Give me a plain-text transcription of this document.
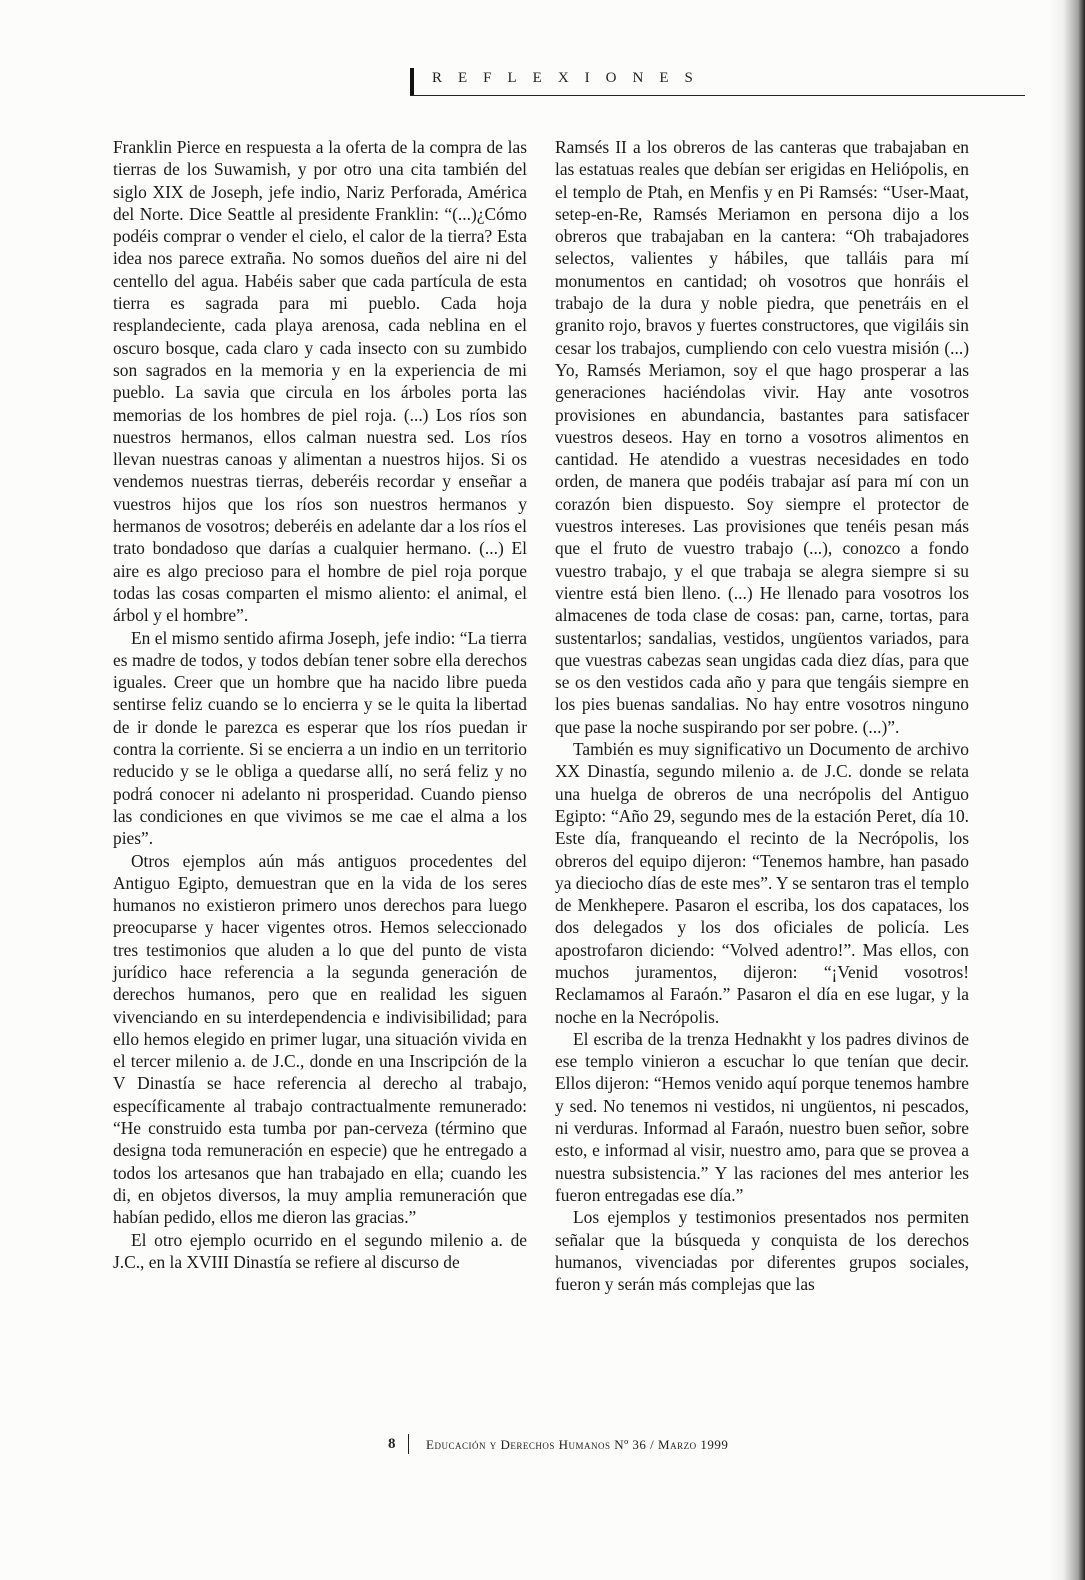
REFLEXIONES

Franklin Pierce en respuesta a la oferta de la compra de las tierras de los Suwamish, y por otro una cita también del siglo XIX de Joseph, jefe indio, Nariz Perforada, América del Norte. Dice Seattle al presidente Franklin: “(...)¿Cómo podéis comprar o vender el cielo, el calor de la tierra? Esta idea nos parece extraña. No somos dueños del aire ni del centello del agua. Habéis saber que cada partícula de esta tierra es sagrada para mi pueblo. Cada hoja resplandeciente, cada playa arenosa, cada neblina en el oscuro bosque, cada claro y cada insecto con su zumbido son sagrados en la memoria y en la experiencia de mi pueblo. La savia que circula en los árboles porta las memorias de los hombres de piel roja. (...) Los ríos son nuestros hermanos, ellos calman nuestra sed. Los ríos llevan nuestras canoas y alimentan a nuestros hijos. Si os vendemos nuestras tierras, deberéis recordar y enseñar a vuestros hijos que los ríos son nuestros hermanos y hermanos de vosotros; deberéis en adelante dar a los ríos el trato bondadoso que darías a cualquier hermano. (...) El aire es algo precioso para el hombre de piel roja porque todas las cosas comparten el mismo aliento: el animal, el árbol y el hombre”.

En el mismo sentido afirma Joseph, jefe indio: “La tierra es madre de todos, y todos debían tener sobre ella derechos iguales. Creer que un hombre que ha nacido libre pueda sentirse feliz cuando se lo encierra y se le quita la libertad de ir donde le parezca es esperar que los ríos puedan ir contra la corriente. Si se encierra a un indio en un territorio reducido y se le obliga a quedarse allí, no será feliz y no podrá conocer ni adelanto ni prosperidad. Cuando pienso las condiciones en que vivimos se me cae el alma a los pies”.

Otros ejemplos aún más antiguos procedentes del Antiguo Egipto, demuestran que en la vida de los seres humanos no existieron primero unos derechos para luego preocuparse y hacer vigentes otros. Hemos seleccionado tres testimonios que aluden a lo que del punto de vista jurídico hace referencia a la segunda generación de derechos humanos, pero que en realidad les siguen vivenciando en su interdependencia e indivisibilidad; para ello hemos elegido en primer lugar, una situación vivida en el tercer milenio a. de J.C., donde en una Inscripción de la V Dinastía se hace referencia al derecho al trabajo, específicamente al trabajo contractualmente remunerado: “He construido esta tumba por pan-cerveza (término que designa toda remuneración en especie) que he entregado a todos los artesanos que han trabajado en ella; cuando les di, en objetos diversos, la muy amplia remuneración que habían pedido, ellos me dieron las gracias.”

El otro ejemplo ocurrido en el segundo milenio a. de J.C., en la XVIII Dinastía se refiere al discurso de

Ramsés II a los obreros de las canteras que trabajaban en las estatuas reales que debían ser erigidas en Heliópolis, en el templo de Ptah, en Menfis y en Pi Ramsés: “User-Maat, setep-en-Re, Ramsés Meriamon en persona dijo a los obreros que trabajaban en la cantera: “Oh trabajadores selectos, valientes y hábiles, que talláis para mí monumentos en cantidad; oh vosotros que honráis el trabajo de la dura y noble piedra, que penetráis en el granito rojo, bravos y fuertes constructores, que vigiláis sin cesar los trabajos, cumpliendo con celo vuestra misión (...) Yo, Ramsés Meriamon, soy el que hago prosperar a las generaciones haciéndolas vivir. Hay ante vosotros provisiones en abundancia, bastantes para satisfacer vuestros deseos. Hay en torno a vosotros alimentos en cantidad. He atendido a vuestras necesidades en todo orden, de manera que podéis trabajar así para mí con un corazón bien dispuesto. Soy siempre el protector de vuestros intereses. Las provisiones que tenéis pesan más que el fruto de vuestro trabajo (...), conozco a fondo vuestro trabajo, y el que trabaja se alegra siempre si su vientre está bien lleno. (...) He llenado para vosotros los almacenes de toda clase de cosas: pan, carne, tortas, para sustentarlos; sandalias, vestidos, ungüentos variados, para que vuestras cabezas sean ungidas cada diez días, para que se os den vestidos cada año y para que tengáis siempre en los pies buenas sandalias. No hay entre vosotros ninguno que pase la noche suspirando por ser pobre. (...)”.

También es muy significativo un Documento de archivo XX Dinastía, segundo milenio a. de J.C. donde se relata una huelga de obreros de una necrópolis del Antiguo Egipto: “Año 29, segundo mes de la estación Peret, día 10. Este día, franqueando el recinto de la Necrópolis, los obreros del equipo dijeron: “Tenemos hambre, han pasado ya dieciocho días de este mes”. Y se sentaron tras el templo de Menkhepere. Pasaron el escriba, los dos capataces, los dos delegados y los dos oficiales de policía. Les apostrofaron diciendo: “Volved adentro!”. Mas ellos, con muchos juramentos, dijeron: “¡Venid vosotros! Reclamamos al Faraón.” Pasaron el día en ese lugar, y la noche en la Necrópolis.

El escriba de la trenza Hednakht y los padres divinos de ese templo vinieron a escuchar lo que tenían que decir. Ellos dijeron: “Hemos venido aquí porque tenemos hambre y sed. No tenemos ni vestidos, ni ungüentos, ni pescados, ni verduras. Informad al Faraón, nuestro buen señor, sobre esto, e informad al visir, nuestro amo, para que se provea a nuestra subsistencia.” Y las raciones del mes anterior les fueron entregadas ese día.”

Los ejemplos y testimonios presentados nos permiten señalar que la búsqueda y conquista de los derechos humanos, vivenciadas por diferentes grupos sociales, fueron y serán más complejas que las

8 Educación y Derechos Humanos Nº 36 / Marzo 1999
